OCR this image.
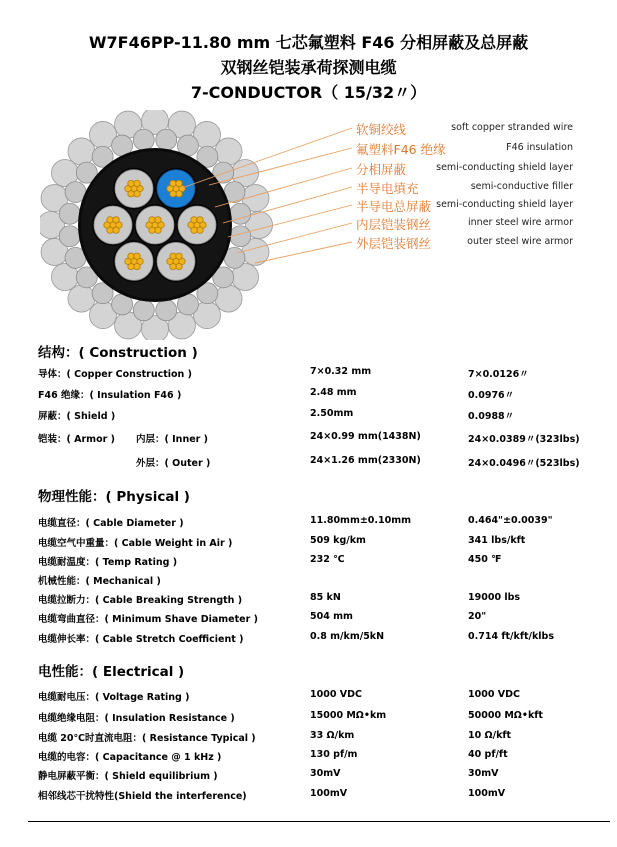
W7F46PP-11.80 mm 七芯氟塑料 F46 分相屏蔽及总屏蔽
双钢丝铠装承荷探测电缆
7-CONDUCTOR（ 15/32〃）
软铜绞线	soft copper stranded wire
氟塑料F46 绝缘	F46 insulation
分相屏蔽	semi-conducting shield layer
半导电填充	semi-conductive filler
半导电总屏蔽 semi-conducting shield layer
内层铠装钢丝	inner steel wire armor
外层铠装钢丝	outer steel wire armor
结构：( Construction )
导体：( Copper Construction )	7×0.32 mm	7×0.0126〃
F46 绝缘：( Insulation F46 )	2.48 mm	0.0976〃
屏蔽：( Shield )	2.50mm	0.0988〃
铠装：( Armor ) 内层：( Inner )	24×0.99 mm(1438N)	24×0.0389〃(323lbs)
外层：( Outer )	24×1.26 mm(2330N)	24×0.0496〃(523lbs)
物理性能：( Physical )
电缆直径：( Cable Diameter )	11.80mm±0.10mm	0.464"±0.0039"
电缆空气中重量：( Cable Weight in Air )	509 kg/km	341 lbs/kft
电缆耐温度：( Temp Rating )	232 ℃	450 ℉
机械性能：( Mechanical )
电缆拉断力：( Cable Breaking Strength )	85 kN	19000 lbs
电缆弯曲直径：( Minimum Shave Diameter )	504 mm	20"
电缆伸长率：( Cable Stretch Coefficient )	0.8 m/km/5kN	0.714 ft/kft/klbs
电性能：( Electrical )
电缆耐电压：( Voltage Rating )	1000 VDC	1000 VDC
电缆绝缘电阻：( Insulation Resistance )	15000 MΩ•km	50000 MΩ•kft
电缆 20℃时直流电阻：( Resistance Typical )	33 Ω/km	10 Ω/kft
电缆的电容：( Capacitance @ 1 kHz )	130 pf/m	40 pf/ft
静电屏蔽平衡：( Shield equilibrium )	30mV	30mV
相邻线芯干扰特性(Shield the interference)	100mV	100mV
